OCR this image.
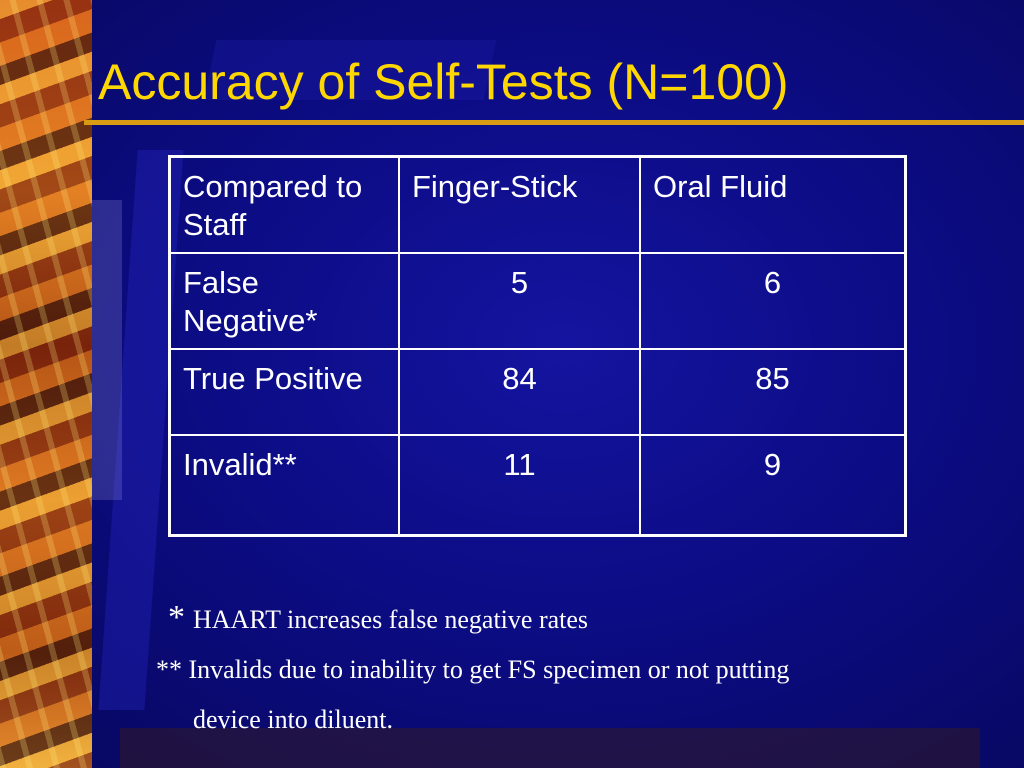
Accuracy of Self-Tests (N=100)
Compared to Staff	Finger-Stick	Oral Fluid
False Negative*	5	6
True Positive	84	85
Invalid**	11	9
* HAART increases false negative rates
** Invalids due to inability to get FS specimen or not putting
device into diluent.
